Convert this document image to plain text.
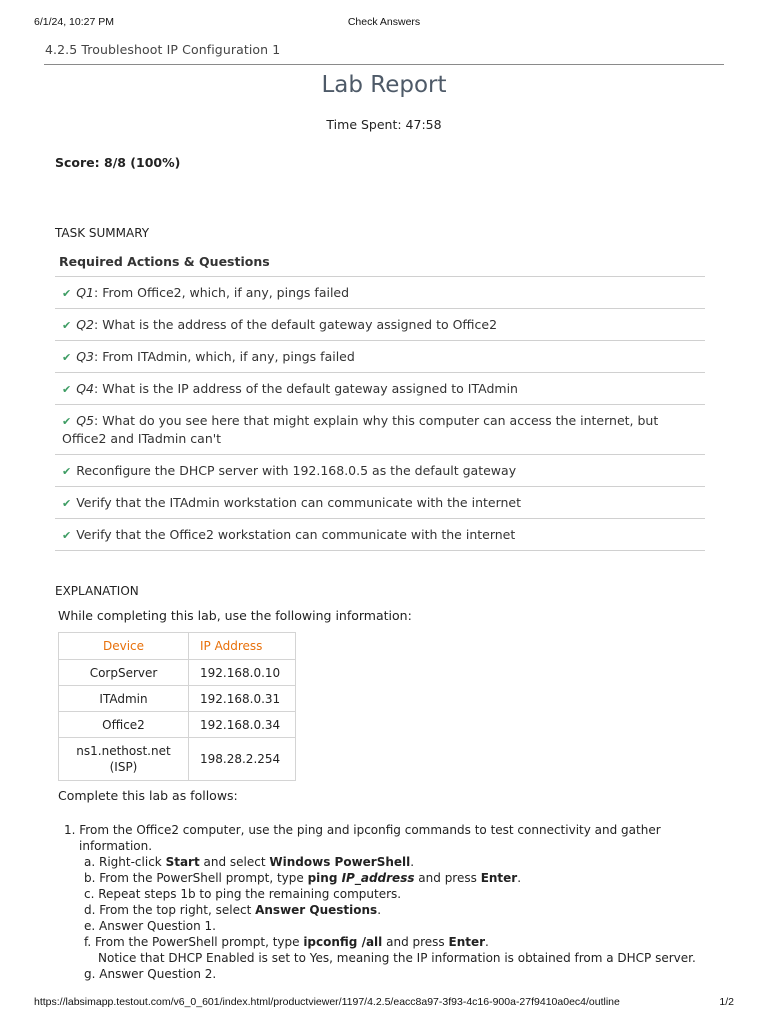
6/1/24, 10:27 PM	Check Answers
4.2.5 Troubleshoot IP Configuration 1
Lab Report
Time Spent: 47:58
Score: 8/8 (100%)
TASK SUMMARY
Required Actions & Questions
✔ Q1: From Office2, which, if any, pings failed
✔ Q2: What is the address of the default gateway assigned to Office2
✔ Q3: From ITAdmin, which, if any, pings failed
✔ Q4: What is the IP address of the default gateway assigned to ITAdmin
✔ Q5: What do you see here that might explain why this computer can access the internet, but Office2 and ITadmin can't
✔ Reconfigure the DHCP server with 192.168.0.5 as the default gateway
✔ Verify that the ITAdmin workstation can communicate with the internet
✔ Verify that the Office2 workstation can communicate with the internet
EXPLANATION
While completing this lab, use the following information:
Device	IP Address
CorpServer	192.168.0.10
ITAdmin	192.168.0.31
Office2	192.168.0.34
ns1.nethost.net (ISP)	198.28.2.254
Complete this lab as follows:
1. From the Office2 computer, use the ping and ipconfig commands to test connectivity and gather information.
a. Right-click Start and select Windows PowerShell.
b. From the PowerShell prompt, type ping IP_address and press Enter.
c. Repeat steps 1b to ping the remaining computers.
d. From the top right, select Answer Questions.
e. Answer Question 1.
f. From the PowerShell prompt, type ipconfig /all and press Enter.
Notice that DHCP Enabled is set to Yes, meaning the IP information is obtained from a DHCP server.
g. Answer Question 2.
https://labsimapp.testout.com/v6_0_601/index.html/productviewer/1197/4.2.5/eacc8a97-3f93-4c16-900a-27f9410a0ec4/outline	1/2
